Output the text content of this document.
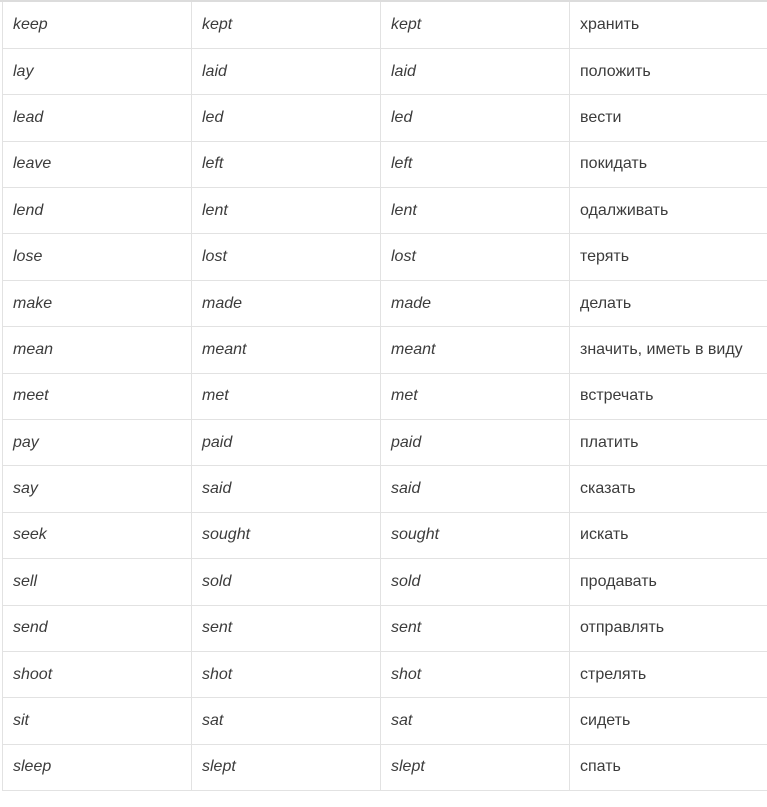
keep	kept	kept	хранить
lay	laid	laid	положить
lead	led	led	вести
leave	left	left	покидать
lend	lent	lent	одалживать
lose	lost	lost	терять
make	made	made	делать
mean	meant	meant	значить, иметь в виду
meet	met	met	встречать
pay	paid	paid	платить
say	said	said	сказать
seek	sought	sought	искать
sell	sold	sold	продавать
send	sent	sent	отправлять
shoot	shot	shot	стрелять
sit	sat	sat	сидеть
sleep	slept	slept	спать
